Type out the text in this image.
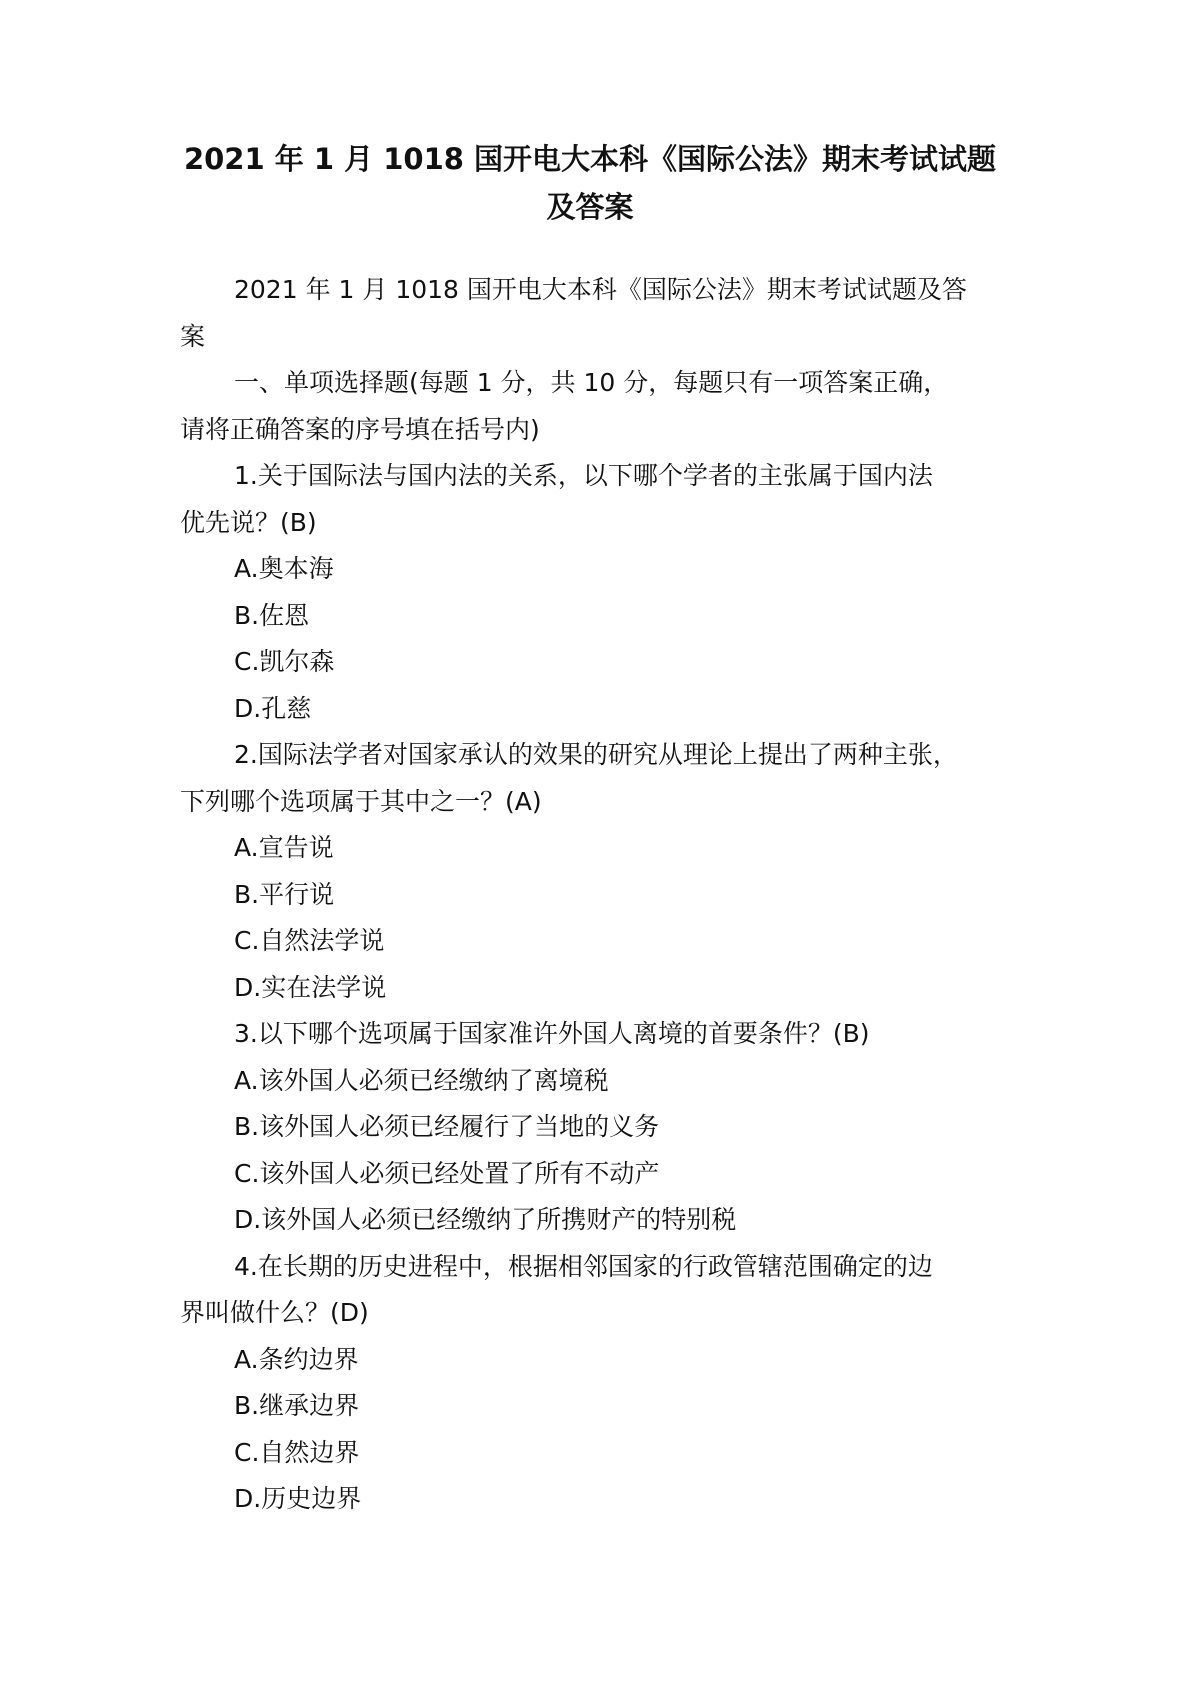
2021 年 1 月 1018 国开电大本科《国际公法》期末考试试题
及答案
2021 年 1 月 1018 国开电大本科《国际公法》期末考试试题及答
案
一、单项选择题(每题 1 分，共 10 分，每题只有一项答案正确，
请将正确答案的序号填在括号内)
1.关于国际法与国内法的关系，以下哪个学者的主张属于国内法
优先说？(B)
A.奥本海
B.佐恩
C.凯尔森
D.孔慈
2.国际法学者对国家承认的效果的研究从理论上提出了两种主张，
下列哪个选项属于其中之一？(A)
A.宣告说
B.平行说
C.自然法学说
D.实在法学说
3.以下哪个选项属于国家准许外国人离境的首要条件？(B)
A.该外国人必须已经缴纳了离境税
B.该外国人必须已经履行了当地的义务
C.该外国人必须已经处置了所有不动产
D.该外国人必须已经缴纳了所携财产的特别税
4.在长期的历史进程中，根据相邻国家的行政管辖范围确定的边
界叫做什么？(D)
A.条约边界
B.继承边界
C.自然边界
D.历史边界
